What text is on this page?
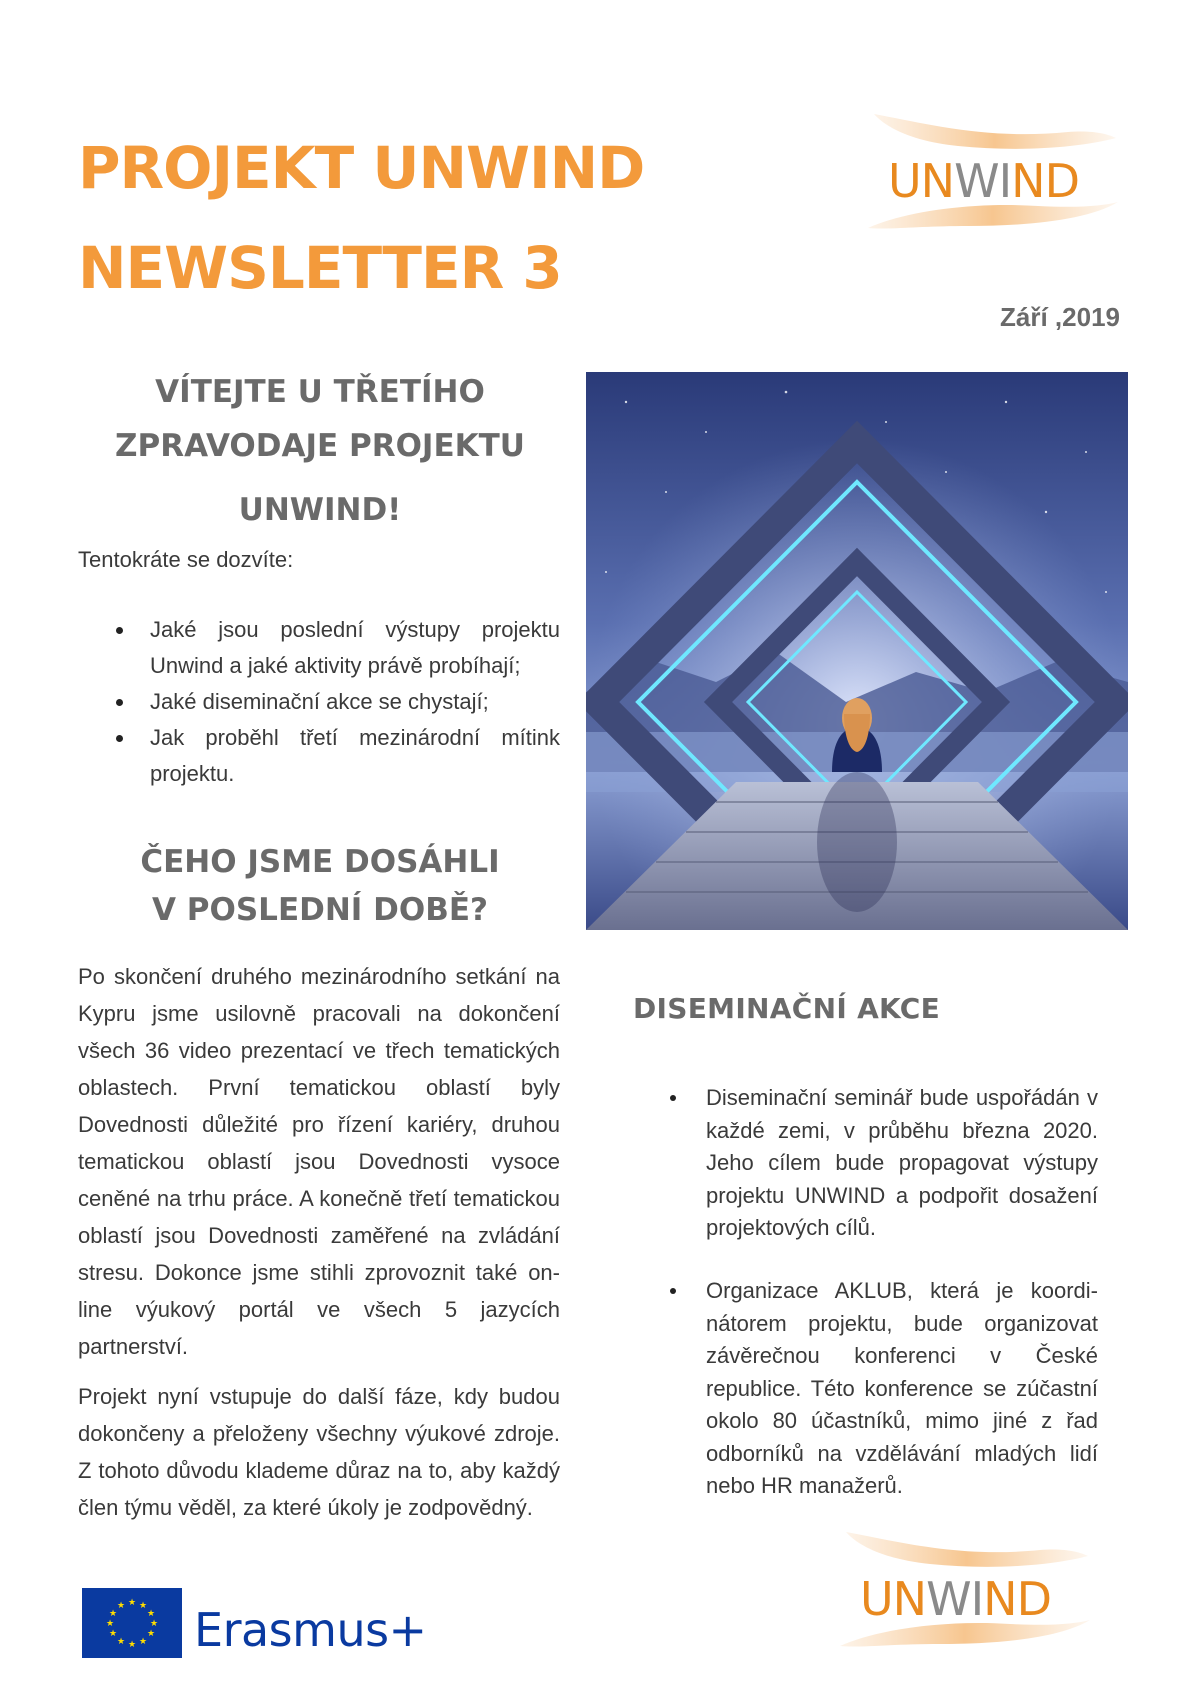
PROJEKT UNWIND
NEWSLETTER 3
UNWIND
Září ,2019
VÍTEJTE U TŘETÍHO
ZPRAVODAJE PROJEKTU
UNWIND!
Tentokráte se dozvíte:
Jaké jsou poslední výstupy projektu Unwind a jaké aktivity právě probíhají;
Jaké diseminační akce se chystají;
Jak proběhl třetí mezinárodní mítink projektu.
ČEHO JSME DOSÁHLI
V POSLEDNÍ DOBĚ?

Po skončení druhého mezinárodního setkání na Kypru jsme usilovně pracovali na dokončení všech 36 video prezentací ve třech tematických oblastech. První tematickou oblastí byly Dovednosti důležité pro řízení kariéry, druhou tematickou oblastí jsou Dovednosti vysoce ceněné na trhu práce. A konečně třetí tematickou oblastí jsou Dovednosti zaměřené na zvládání stresu. Dokonce jsme stihli zprovoznit také on-line výukový portál ve všech 5 jazycích partnerství.

Projekt nyní vstupuje do další fáze, kdy budou dokončeny a přeloženy všechny výukové zdroje. Z tohoto důvodu klademe důraz na to, aby každý člen týmu věděl, za které úkoly je zodpovědný.

DISEMINAČNÍ AKCE
Diseminační seminář bude uspořádán v každé zemi, v průběhu března 2020. Jeho cílem bude propagovat výstupy projektu UNWIND a podpořit dosažení projektových cílů.
Organizace AKLUB, která je koordi-nátorem projektu, bude organizovat závěrečnou konferenci v České republice. Této konference se zúčastní okolo 80 účastníků, mimo jiné z řad odborníků na vzdělávání mladých lidí nebo HR manažerů.
★ ★
★
★
★
★
★
★
★
★
★
★ Erasmus+
UNWIND
